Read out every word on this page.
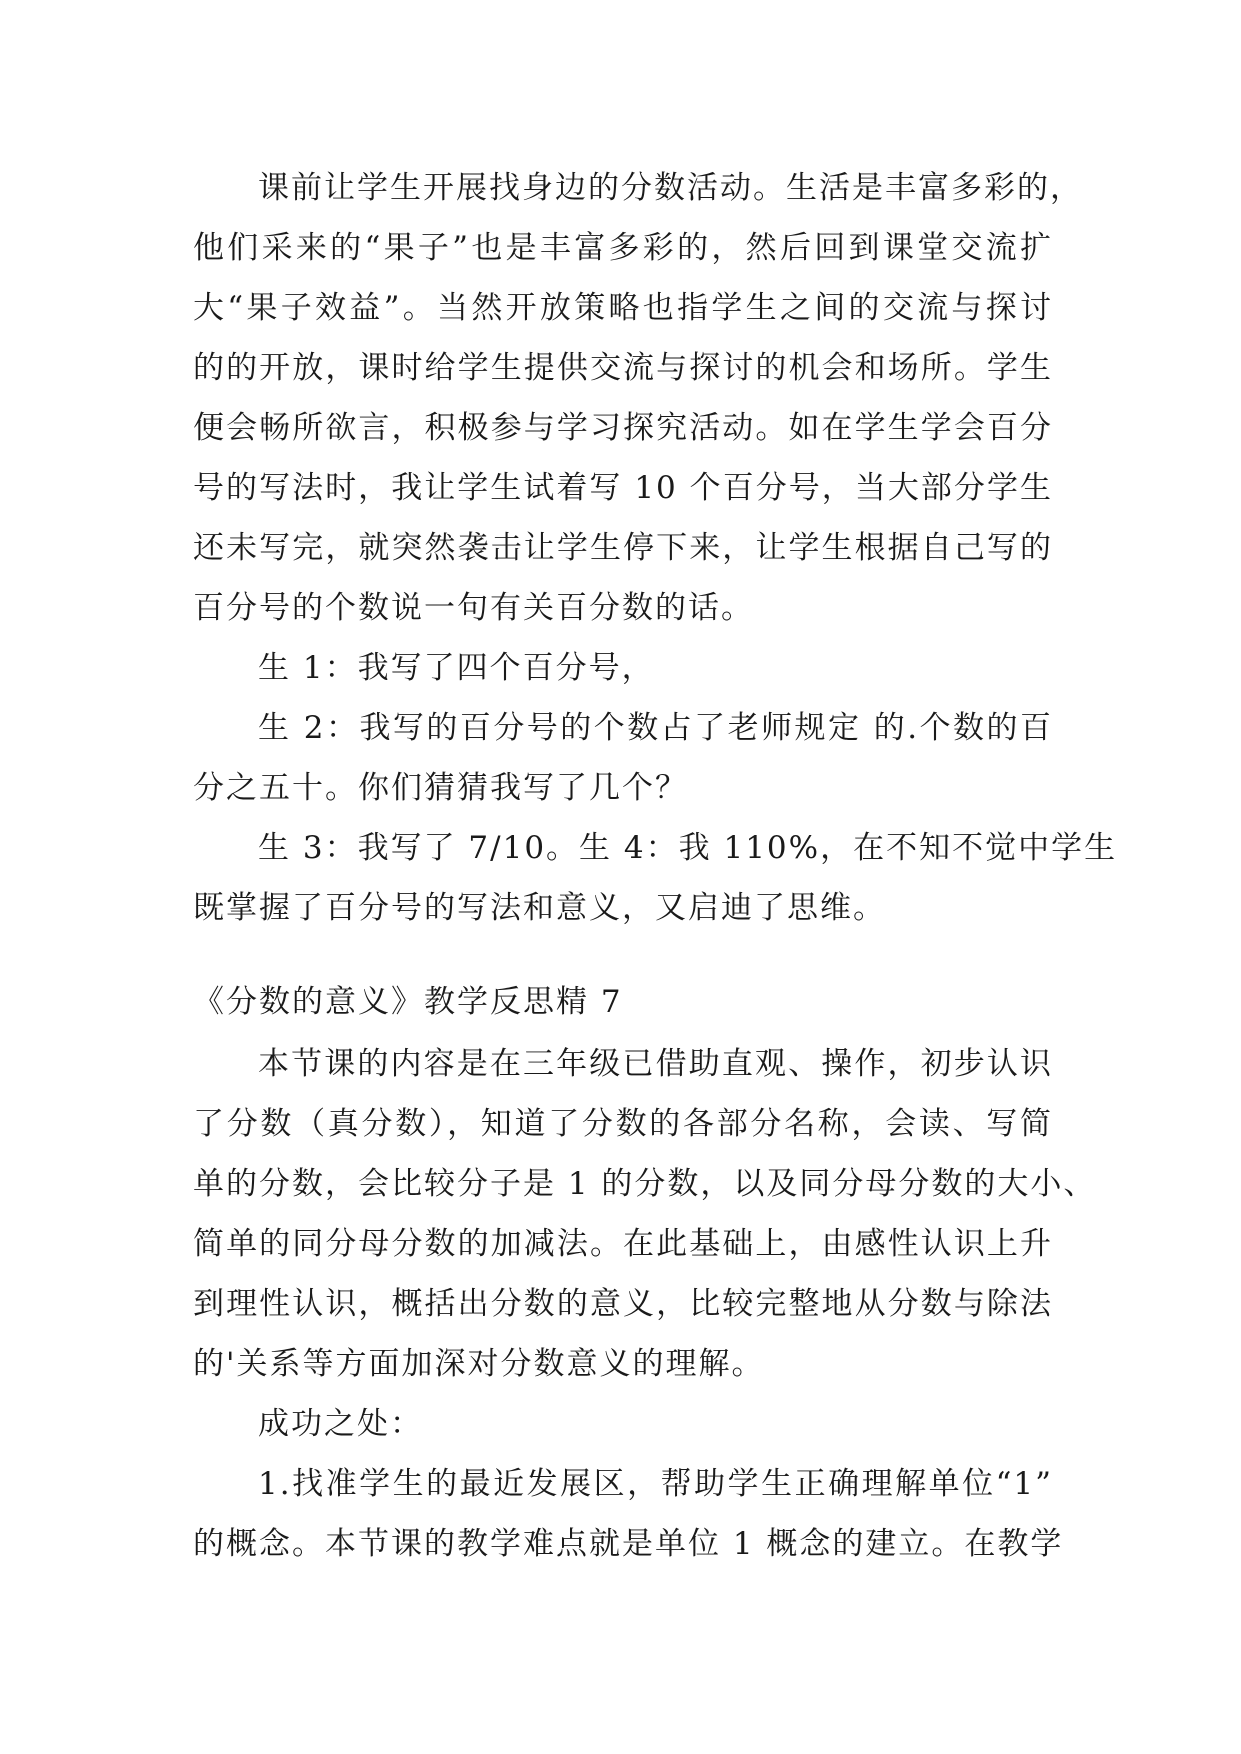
课前让学生开展找身边的分数活动。生活是丰富多彩的，
他们采来的“果子”也是丰富多彩的，然后回到课堂交流扩
大“果子效益”。当然开放策略也指学生之间的交流与探讨
的的开放，课时给学生提供交流与探讨的机会和场所。学生
便会畅所欲言，积极参与学习探究活动。如在学生学会百分
号的写法时，我让学生试着写 10 个百分号，当大部分学生
还未写完，就突然袭击让学生停下来，让学生根据自己写的
百分号的个数说一句有关百分数的话。
生 1：我写了四个百分号，
生 2：我写的百分号的个数占了老师规定 的.个数的百
分之五十。你们猜猜我写了几个？
生 3：我写了 7/10。生 4：我 110%，在不知不觉中学生
既掌握了百分号的写法和意义，又启迪了思维。
《分数的意义》教学反思精 7
本节课的内容是在三年级已借助直观、操作，初步认识
了分数（真分数），知道了分数的各部分名称，会读、写简
单的分数，会比较分子是 1 的分数，以及同分母分数的大小、
简单的同分母分数的加减法。在此基础上，由感性认识上升
到理性认识，概括出分数的意义，比较完整地从分数与除法
的'关系等方面加深对分数意义的理解。
成功之处：
1.找准学生的最近发展区，帮助学生正确理解单位“1”
的概念。本节课的教学难点就是单位 1 概念的建立。在教学
